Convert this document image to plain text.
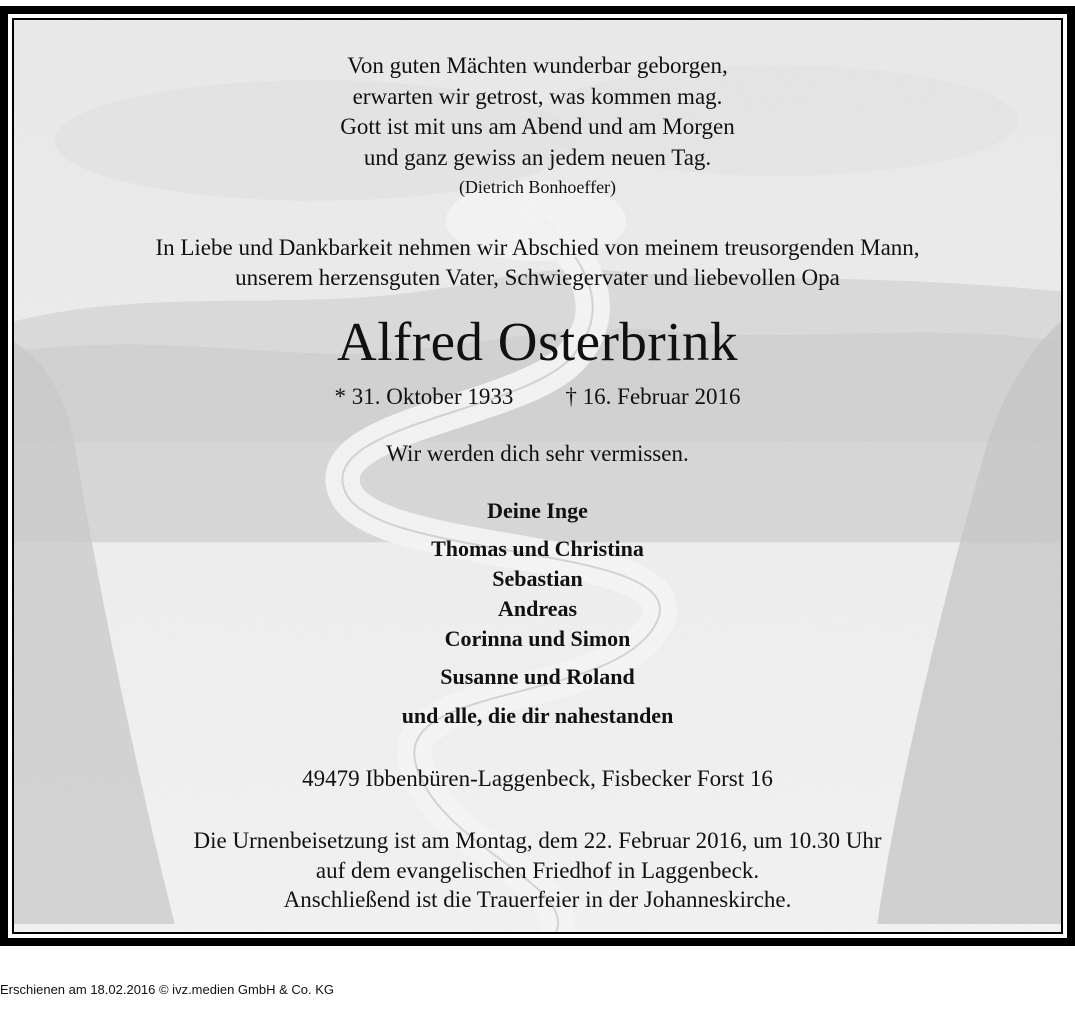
Von guten Mächten wunderbar geborgen,
erwarten wir getrost, was kommen mag.
Gott ist mit uns am Abend und am Morgen
und ganz gewiss an jedem neuen Tag.
(Dietrich Bonhoeffer)
In Liebe und Dankbarkeit nehmen wir Abschied von meinem treusorgenden Mann,
unserem herzensguten Vater, Schwiegervater und liebevollen Opa
Alfred Osterbrink
* 31. Oktober 1933 † 16. Februar 2016
Wir werden dich sehr vermissen.
Deine Inge
Thomas und Christina
Sebastian
Andreas
Corinna und Simon
Susanne und Roland
und alle, die dir nahestanden
49479 Ibbenbüren-Laggenbeck, Fisbecker Forst 16
Die Urnenbeisetzung ist am Montag, dem 22. Februar 2016, um 10.30 Uhr
auf dem evangelischen Friedhof in Laggenbeck.
Anschließend ist die Trauerfeier in der Johanneskirche.
Erschienen am 18.02.2016 © ivz.medien GmbH & Co. KG
